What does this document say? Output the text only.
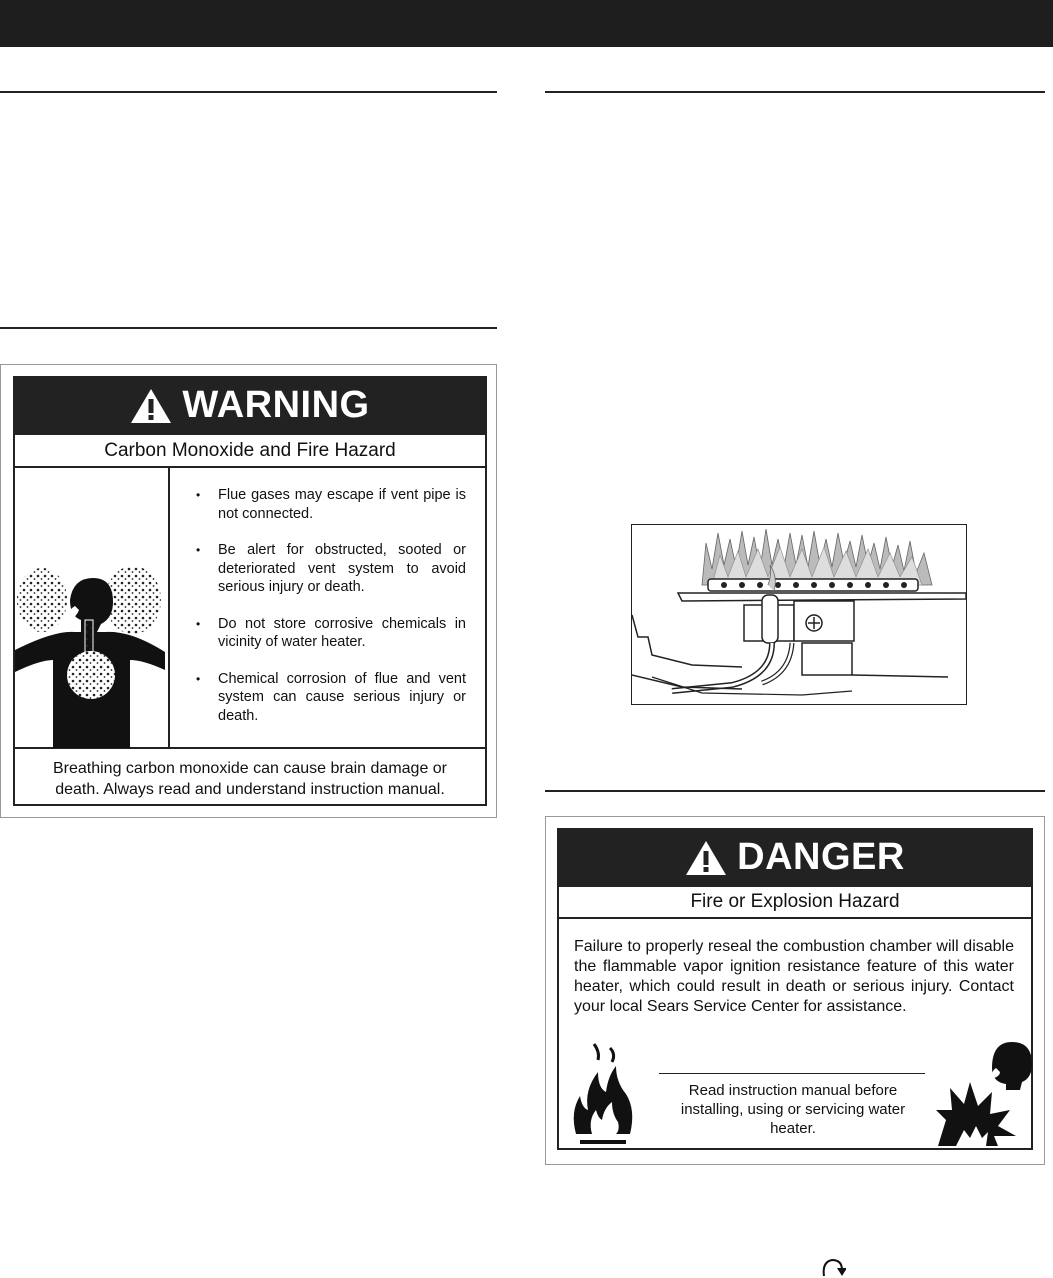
WARNING
Carbon Monoxide and Fire Hazard
• Flue gases may escape if vent pipe is not connected.
• Be alert for obstructed, sooted or deteriorated vent system to avoid serious injury or death.
• Do not store corrosive chemicals in vicinity of water heater.
• Chemical corrosion of flue and vent system can cause serious injury or death.
Breathing carbon monoxide can cause brain damage or death. Always read and understand instruction manual.
DANGER
Fire or Explosion Hazard
Failure to properly reseal the combustion chamber will disable the flammable vapor ignition resistance feature of this water heater, which could result in death or serious injury. Contact your local Sears Service Center for assistance.
Read instruction manual before installing, using or servicing water heater.
